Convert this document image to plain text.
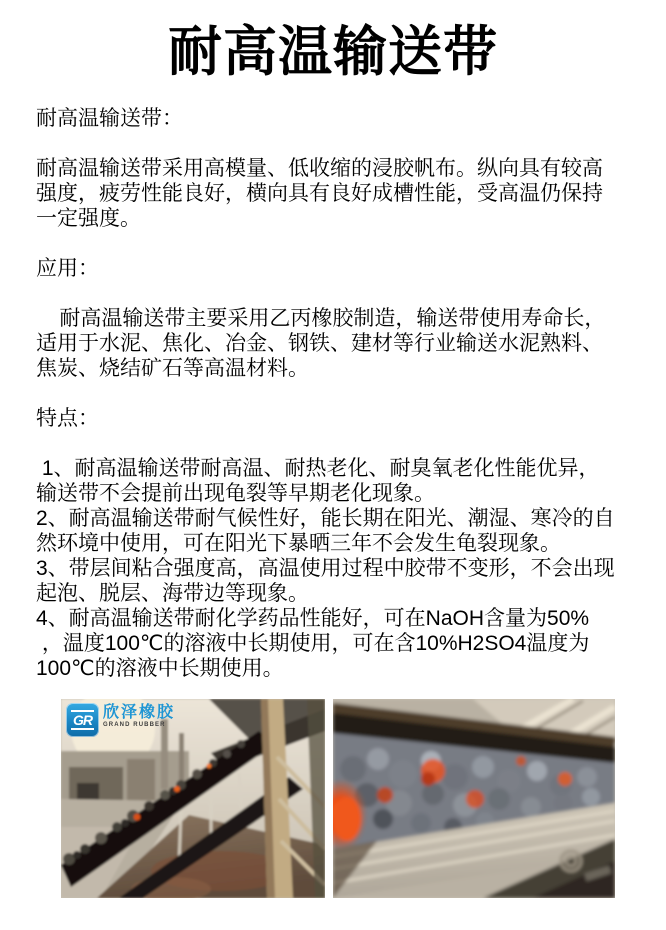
耐高温输送带
耐高温输送带：
耐高温输送带采用高模量、低收缩的浸胶帆布。纵向具有较高
强度，疲劳性能良好，横向具有良好成槽性能，受高温仍保持
一定强度。
应用：
耐高温输送带主要采用乙丙橡胶制造，输送带使用寿命长，
适用于水泥、焦化、冶金、钢铁、建材等行业输送水泥熟料、
焦炭、烧结矿石等高温材料。
特点：
1、耐高温输送带耐高温、耐热老化、耐臭氧老化性能优异，
输送带不会提前出现龟裂等早期老化现象。
2、耐高温输送带耐气候性好，能长期在阳光、潮湿、寒冷的自
然环境中使用，可在阳光下暴晒三年不会发生龟裂现象。
3、带层间粘合强度高，高温使用过程中胶带不变形，不会出现
起泡、脱层、海带边等现象。
4、耐高温输送带耐化学药品性能好，可在NaOH含量为50%
，温度100℃的溶液中长期使用，可在含10%H2SO4温度为
100℃的溶液中长期使用。
GR 欣泽橡胶
GRAND RUBBER
